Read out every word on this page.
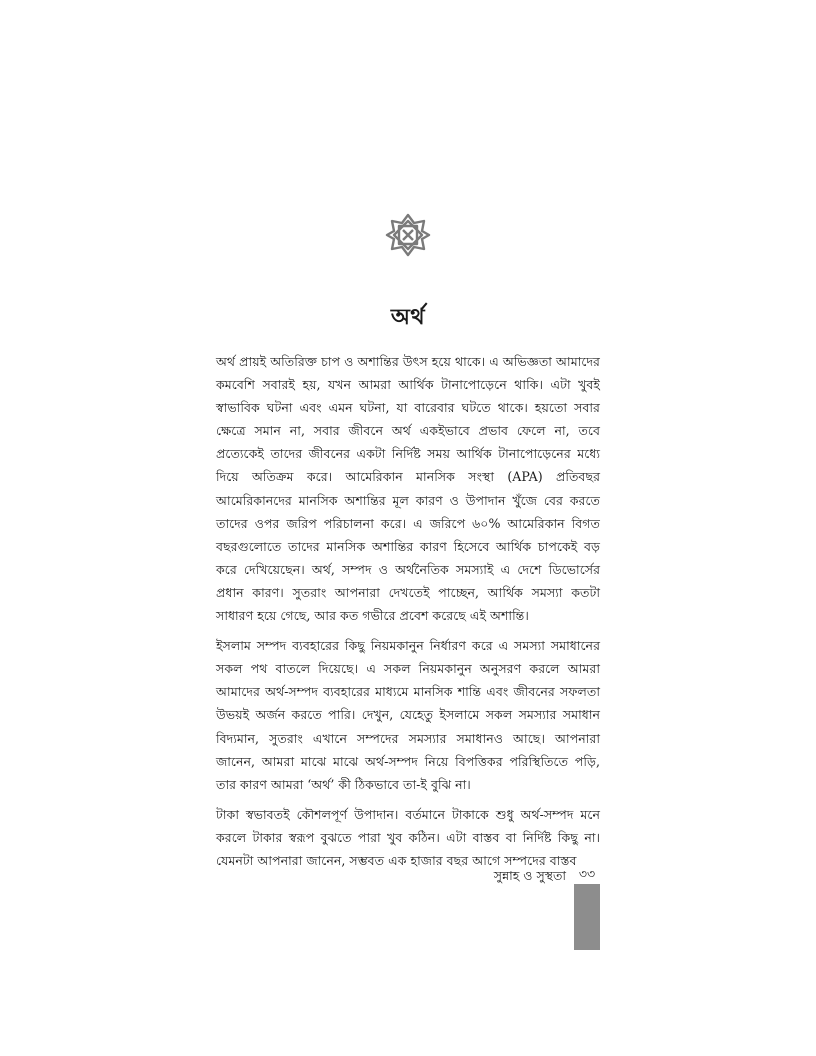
অর্থ

অর্থ প্রায়ই অতিরিক্ত চাপ ও অশান্তির উৎস হয়ে থাকে। এ অভিজ্ঞতা আমাদের কমবেশি সবারই হয়, যখন আমরা আর্থিক টানাপোড়েনে থাকি। এটা খুবই স্বাভাবিক ঘটনা এবং এমন ঘটনা, যা বারেবার ঘটতে থাকে। হয়তো সবার ক্ষেত্রে সমান না, সবার জীবনে অর্থ একইভাবে প্রভাব ফেলে না, তবে প্রত্যেকেই তাদের জীবনের একটা নির্দিষ্ট সময় আর্থিক টানাপোড়েনের মধ্যে দিয়ে অতিক্রম করে। আমেরিকান মানসিক সংস্থা (APA) প্রতিবছর আমেরিকানদের মানসিক অশান্তির মূল কারণ ও উপাদান খুঁজে বের করতে তাদের ওপর জরিপ পরিচালনা করে। এ জরিপে ৬০% আমেরিকান বিগত বছরগুলোতে তাদের মানসিক অশান্তির কারণ হিসেবে আর্থিক চাপকেই বড় করে দেখিয়েছেন। অর্থ, সম্পদ ও অর্থনৈতিক সমস্যাই এ দেশে ডিভোর্সের প্রধান কারণ। সুতরাং আপনারা দেখতেই পাচ্ছেন, আর্থিক সমস্যা কতটা সাধারণ হয়ে গেছে, আর কত গভীরে প্রবেশ করেছে এই অশান্তি।

ইসলাম সম্পদ ব্যবহারের কিছু নিয়মকানুন নির্ধারণ করে এ সমস্যা সমাধানের সকল পথ বাতলে দিয়েছে। এ সকল নিয়মকানুন অনুসরণ করলে আমরা আমাদের অর্থ-সম্পদ ব্যবহারের মাধ্যমে মানসিক শান্তি এবং জীবনের সফলতা উভয়ই অর্জন করতে পারি। দেখুন, যেহেতু ইসলামে সকল সমস্যার সমাধান বিদ্যমান, সুতরাং এখানে সম্পদের সমস্যার সমাধানও আছে। আপনারা জানেন, আমরা মাঝে মাঝে অর্থ-সম্পদ নিয়ে বিপত্তিকর পরিস্থিতিতে পড়ি, তার কারণ আমরা ‘অর্থ’ কী ঠিকভাবে তা-ই বুঝি না।

টাকা স্বভাবতই কৌশলপূর্ণ উপাদান। বর্তমানে টাকাকে শুধু অর্থ-সম্পদ মনে করলে টাকার স্বরূপ বুঝতে পারা খুব কঠিন। এটা বাস্তব বা নির্দিষ্ট কিছু না। যেমনটা আপনারা জানেন, সম্ভবত এক হাজার বছর আগে সম্পদের বাস্তব

সুন্নাহ ও সুস্থতা	৩৩
